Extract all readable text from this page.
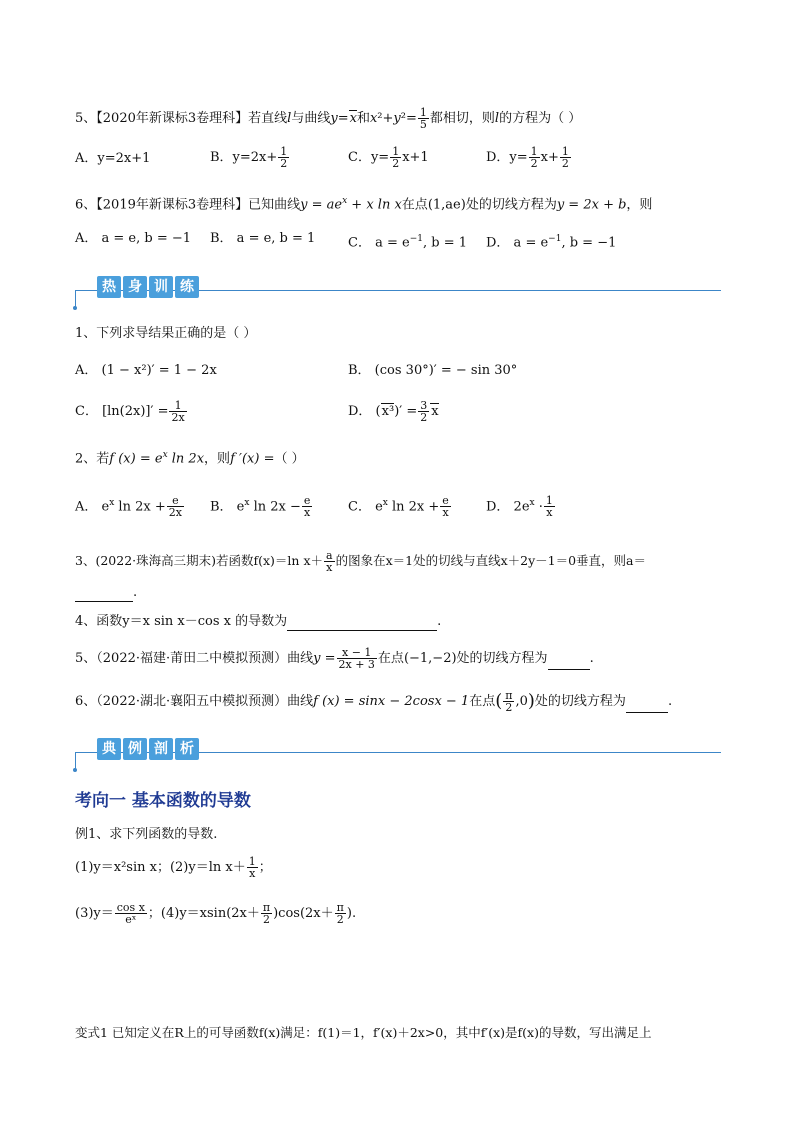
5、【2020年新课标3卷理科】若直线l与曲线y=x和$x^2+y^2= \frac{1}{5}$ 都相切，则l的方程为（ ）
A．y=2x+1	B．$y=2x+ \frac{1}{2}$	C．$y= \frac{1}{2} x+1$	D．$y= \frac{1}{2} x+ \frac{1}{2}$
6、【2019年新课标3卷理科】已知曲线$y = ae^x + x$ ln x在点(1,ae)处的切线方程为y = 2x + b，则
A． a = e, b = −1 B． a = e, b = 1	C． $a = e^{-1}$, b = 1 D． $a = e^{-1}$, b = −1
热 身 训 练
1、下列求导结果正确的是（ ）
A． (1 − x²)′ = 1 − 2x	B． (cos 30°)′ = − sin 30°
C． $[\ln(2x)]' = \frac{1}{2x}$	D． $(x^3)' = \frac{3}{2}$ x
2、若f $(x) = e^x$ ln 2x，则f ′(x) =（ ）
A． $e^x$ $\ln 2x + \frac{e}{2x}$ B． $e^x$ $\ln 2x - \frac{e}{x}$	C． $e^x$ $\ln 2x + \frac{e}{x}$	D． $2e^x \cdot \frac{1}{x}$
3、(2022·珠海高三期末)若函数f(x)＝ln $x+ \frac{a}{x}$ 的图象在x＝1处的切线与直线x＋2y－1＝0垂直，则a＝
.
4、函数y＝x sin x－cos x 的导数为	.
5、（2022·福建·莆田二中模拟预测）曲线$y = \frac{x - 1}{2x + 3}$ 在点(−1,−2)处的切线方程为	.
6、（2022·湖北·襄阳五中模拟预测）曲线f (x) = sinx − 2cosx − 1在点( $\frac{\pi}{2} ,0$)处的切线方程为	.
典 例 剖 析
考向一 基本函数的导数
例1、求下列函数的导数.
(1)y＝x²sin x；(2)y＝ln $x+ \frac{1}{x}$ ；
$(3)y= \frac{\text{cos x}}{\text{eˣ}}$ ；$(4)y=xsin(2x+ \frac{\pi}{2} )\cos(2x+ \frac{\pi}{2}$ ).
变式1 已知定义在R上的可导函数f(x)满足：f(1)＝1，f′(x)＋2x>0，其中f′(x)是f(x)的导数，写出满足上
